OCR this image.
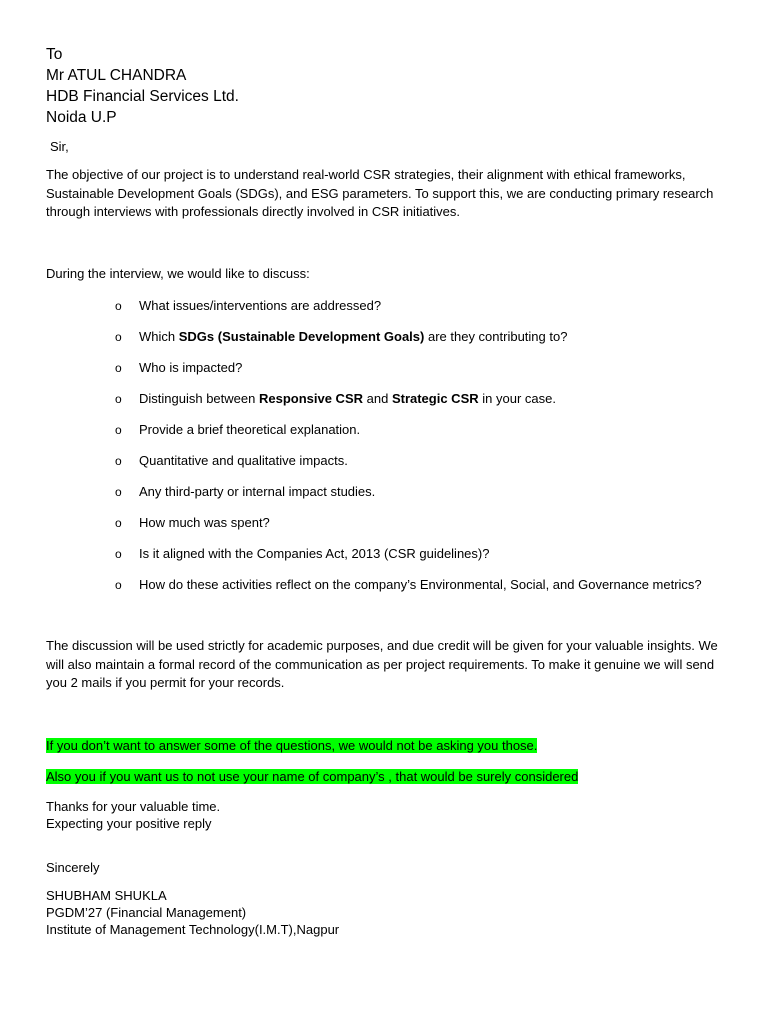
To
Mr ATUL CHANDRA
HDB Financial Services Ltd.
Noida U.P
Sir,
The objective of our project is to understand real-world CSR strategies, their alignment with ethical frameworks, Sustainable Development Goals (SDGs), and ESG parameters. To support this, we are conducting primary research through interviews with professionals directly involved in CSR initiatives.
During the interview, we would like to discuss:
o What issues/interventions are addressed?
o Which SDGs (Sustainable Development Goals) are they contributing to?
o Who is impacted?
o Distinguish between Responsive CSR and Strategic CSR in your case.
o Provide a brief theoretical explanation.
o Quantitative and qualitative impacts.
o Any third-party or internal impact studies.
o How much was spent?
o Is it aligned with the Companies Act, 2013 (CSR guidelines)?
o How do these activities reflect on the company’s Environmental, Social, and Governance metrics?
The discussion will be used strictly for academic purposes, and due credit will be given for your valuable insights. We will also maintain a formal record of the communication as per project requirements. To make it genuine we will send you 2 mails if you permit for your records.
If you don’t want to answer some of the questions, we would not be asking you those.
Also you if you want us to not use your name of company’s , that would be surely considered
Thanks for your valuable time.
Expecting your positive reply
Sincerely
SHUBHAM SHUKLA
PGDM’27 (Financial Management)
Institute of Management Technology(I.M.T),Nagpur
